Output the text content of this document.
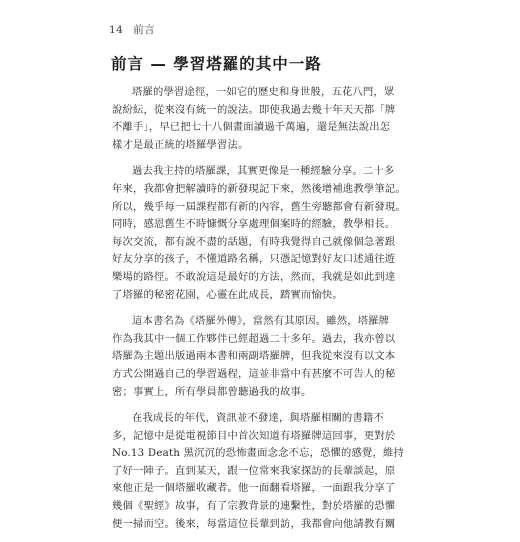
14 前言
前言 — 學習塔羅的其中一路
塔羅的學習途徑，一如它的歷史和身世般，五花八門，眾
說紛紜，從來沒有統一的說法。即使我過去幾十年天天都「牌
不離手」，早已把七十八個畫面讀過千萬遍，還是無法說出怎
樣才是最正統的塔羅學習法。
過去我主持的塔羅課，其實更像是一種經驗分享。二十多
年來，我都會把解讀時的新發現記下來，然後增補進教學筆記。
所以，幾乎每一屆課程都有新的內容，舊生旁聽都會有新發現。
同時，感恩舊生不時慷慨分享處理個案時的經驗，教學相長。
每次交流，都有說不盡的話題，有時我覺得自己就像個急著跟
好友分享的孩子，不懂道路名稱，只憑記憶對好友口述通往遊
樂場的路徑。不敢說這是最好的方法，然而，我就是如此到達
了塔羅的秘密花園，心靈在此成長，踏實而愉快。
這本書名為《塔羅外傳》，當然有其原因。雖然，塔羅牌
作為我其中一個工作夥伴已經超過二十多年。過去，我亦曾以
塔羅為主題出版過兩本書和兩副塔羅牌，但我從來沒有以文本
方式公開過自己的學習過程，這並非當中有甚麼不可告人的秘
密；事實上，所有學員都曾聽過我的故事。
在我成長的年代，資訊並不發達，與塔羅相關的書籍不
多，記憶中是從電視節目中首次知道有塔羅牌這回事，更對於
No.13 Death 黑沉沉的恐怖畫面念念不忘，恐懼的感覺，維持
了好一陣子。直到某天，跟一位常來我家探訪的長輩談起，原
來他正是一個塔羅收藏者。他一面翻看塔羅，一面跟我分享了
幾個《聖經》故事，有了宗教背景的連繫性，對於塔羅的恐懼
便一掃而空。後來，每當這位長輩到訪，我都會向他請教有關
